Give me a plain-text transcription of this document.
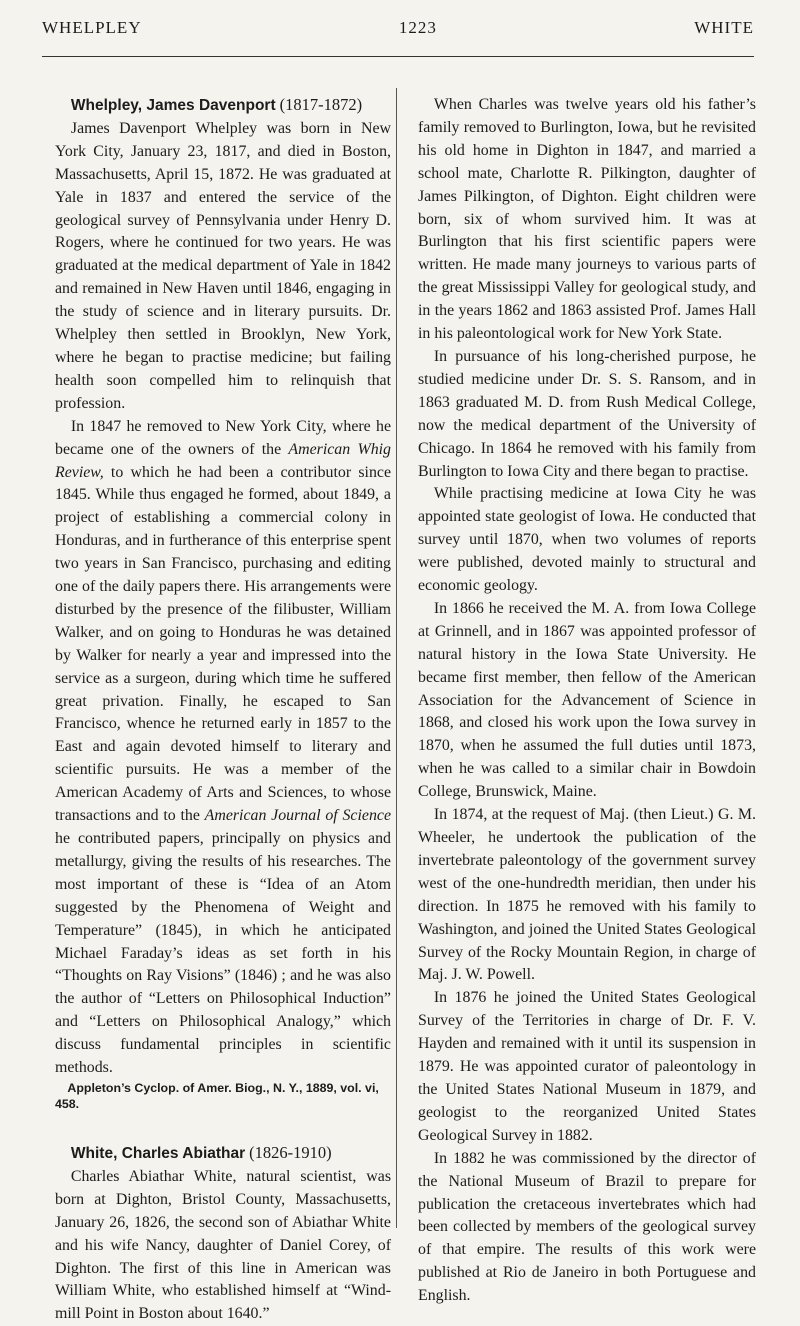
WHELPLEY	1223	WHITE

Whelpley, James Davenport (1817-1872)

James Davenport Whelpley was born in New York City, January 23, 1817, and died in Boston, Massachusetts, April 15, 1872. He was graduated at Yale in 1837 and entered the service of the geological survey of Pennsylvania under Henry D. Rogers, where he continued for two years. He was graduated at the medical department of Yale in 1842 and remained in New Haven until 1846, engaging in the study of science and in literary pursuits. Dr. Whelpley then settled in Brooklyn, New York, where he began to practise medicine; but failing health soon compelled him to relinquish that profession.

In 1847 he removed to New York City, where he became one of the owners of the American Whig Review, to which he had been a contributor since 1845. While thus engaged he formed, about 1849, a project of establishing a commercial colony in Honduras, and in furtherance of this enterprise spent two years in San Francisco, purchasing and editing one of the daily papers there. His arrangements were disturbed by the presence of the filibuster, William Walker, and on going to Honduras he was detained by Walker for nearly a year and impressed into the service as a surgeon, during which time he suffered great privation. Finally, he escaped to San Francisco, whence he returned early in 1857 to the East and again devoted himself to literary and scientific pursuits. He was a member of the American Academy of Arts and Sciences, to whose transactions and to the American Journal of Science he contributed papers, principally on physics and metallurgy, giving the results of his researches. The most important of these is “Idea of an Atom suggested by the Phenomena of Weight and Temperature” (1845), in which he anticipated Michael Faraday’s ideas as set forth in his “Thoughts on Ray Visions” (1846) ; and he was also the author of “Letters on Philosophical Induction” and “Letters on Philosophical Analogy,” which discuss fundamental principles in scientific methods.

Appleton’s Cyclop. of Amer. Biog., N. Y., 1889, vol. vi, 458.

White, Charles Abiathar (1826-1910)

Charles Abiathar White, natural scientist, was born at Dighton, Bristol County, Massachusetts, January 26, 1826, the second son of Abiathar White and his wife Nancy, daughter of Daniel Corey, of Dighton. The first of this line in American was William White, who established himself at “Wind-mill Point in Boston about 1640.”

When Charles was twelve years old his father’s family removed to Burlington, Iowa, but he revisited his old home in Dighton in 1847, and married a school mate, Charlotte R. Pilkington, daughter of James Pilkington, of Dighton. Eight children were born, six of whom survived him. It was at Burlington that his first scientific papers were written. He made many journeys to various parts of the great Mississippi Valley for geological study, and in the years 1862 and 1863 assisted Prof. James Hall in his paleontological work for New York State.

In pursuance of his long-cherished purpose, he studied medicine under Dr. S. S. Ransom, and in 1863 graduated M. D. from Rush Medical College, now the medical department of the University of Chicago. In 1864 he removed with his family from Burlington to Iowa City and there began to practise.

While practising medicine at Iowa City he was appointed state geologist of Iowa. He conducted that survey until 1870, when two volumes of reports were published, devoted mainly to structural and economic geology.

In 1866 he received the M. A. from Iowa College at Grinnell, and in 1867 was appointed professor of natural history in the Iowa State University. He became first member, then fellow of the American Association for the Advancement of Science in 1868, and closed his work upon the Iowa survey in 1870, when he assumed the full duties until 1873, when he was called to a similar chair in Bowdoin College, Brunswick, Maine.

In 1874, at the request of Maj. (then Lieut.) G. M. Wheeler, he undertook the publication of the invertebrate paleontology of the government survey west of the one-hundredth meridian, then under his direction. In 1875 he removed with his family to Washington, and joined the United States Geological Survey of the Rocky Mountain Region, in charge of Maj. J. W. Powell.

In 1876 he joined the United States Geological Survey of the Territories in charge of Dr. F. V. Hayden and remained with it until its suspension in 1879. He was appointed curator of paleontology in the United States National Museum in 1879, and geologist to the reorganized United States Geological Survey in 1882.

In 1882 he was commissioned by the director of the National Museum of Brazil to prepare for publication the cretaceous invertebrates which had been collected by members of the geological survey of that empire. The results of this work were published at Rio de Janeiro in both Portuguese and English.
